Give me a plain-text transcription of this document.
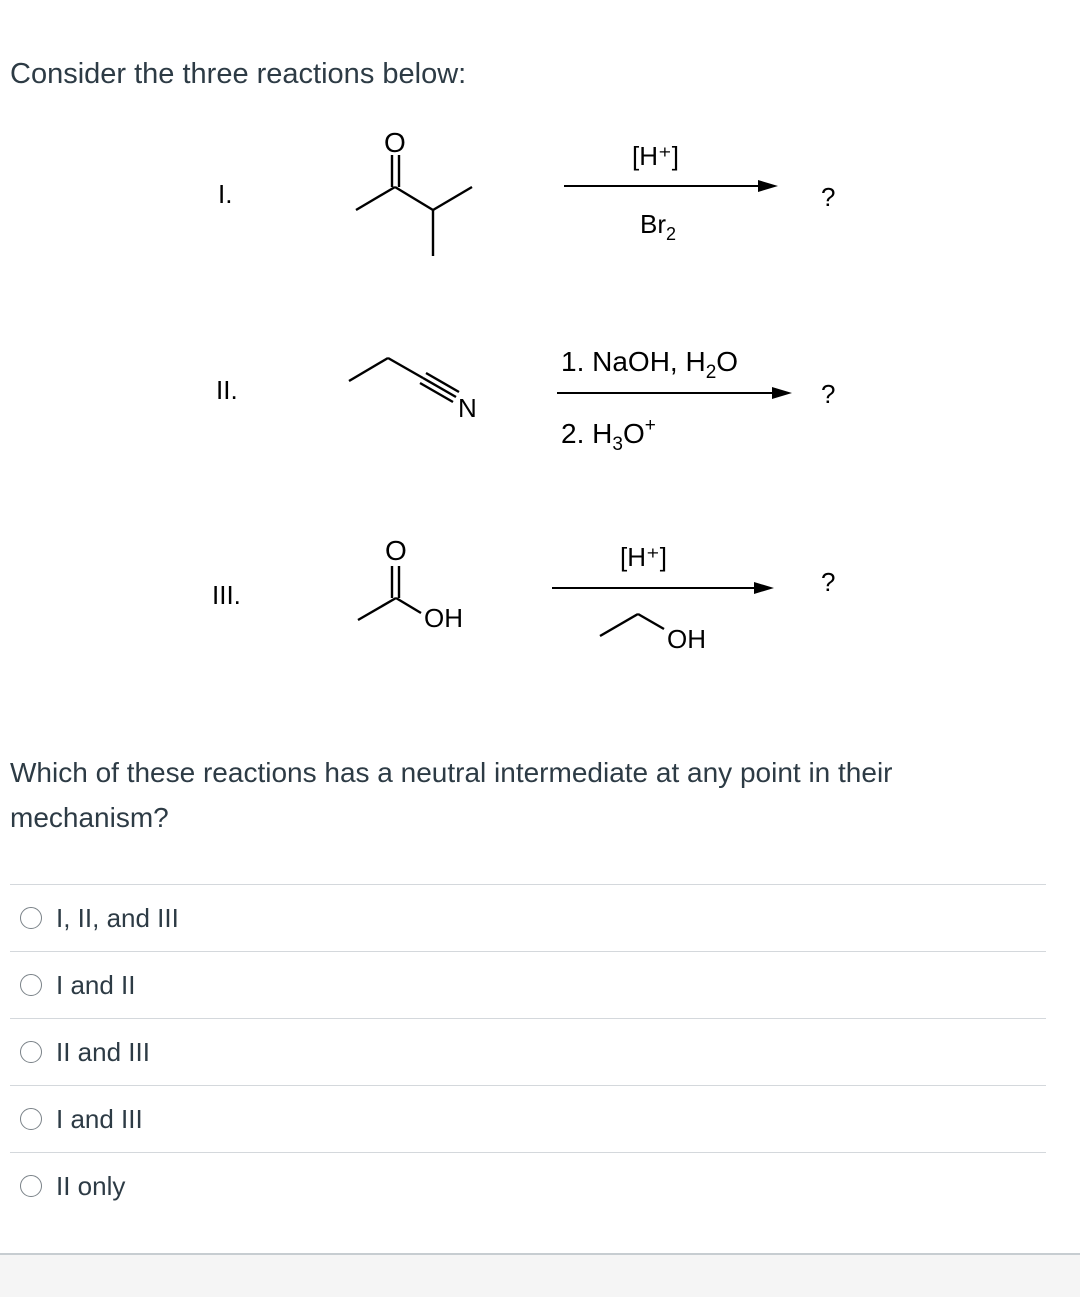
Consider the three reactions below:
I.
O	[H⁺]
$Br_2$
?
II.
N
1. NaOH, $H_2O$
2. $H_3O^+$
?
III.
O
OH
[H⁺]
OH
?
Which of these reactions has a neutral intermediate at any point in their mechanism?
I, II, and III
I and II
II and III
I and III
II only
